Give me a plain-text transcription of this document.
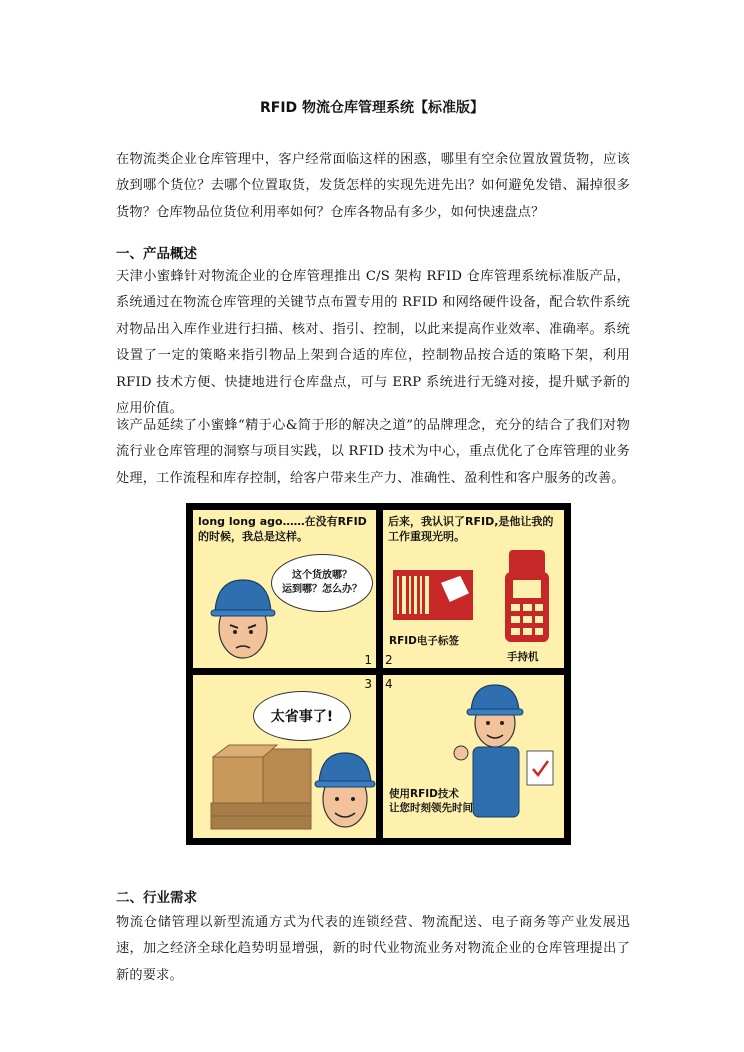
RFID 物流仓库管理系统【标准版】
在物流类企业仓库管理中，客户经常面临这样的困惑，哪里有空余位置放置货物，应该放到哪个货位？去哪个位置取货，发货怎样的实现先进先出？如何避免发错、漏掉很多货物？仓库物品位货位利用率如何？仓库各物品有多少，如何快速盘点？
一、产品概述
天津小蜜蜂针对物流企业的仓库管理推出 C/S 架构 RFID 仓库管理系统标准版产品，系统通过在物流仓库管理的关键节点布置专用的 RFID 和网络硬件设备，配合软件系统对物品出入库作业进行扫描、核对、指引、控制，以此来提高作业效率、准确率。系统设置了一定的策略来指引物品上架到合适的库位，控制物品按合适的策略下架，利用 RFID 技术方便、快捷地进行仓库盘点，可与 ERP 系统进行无缝对接，提升赋予新的应用价值。
该产品延续了小蜜蜂“精于心&简于形的解决之道”的品牌理念，充分的结合了我们对物流行业仓库管理的洞察与项目实践，以 RFID 技术为中心，重点优化了仓库管理的业务处理，工作流程和库存控制，给客户带来生产力、准确性、盈利性和客户服务的改善。
long long ago……在没有RFID
的时候，我总是这样。
这个货放哪？
运到哪？怎么办？
1
后来，我认识了RFID,是他让我的
工作重现光明。
RFID电子标签
手持机
2
太省事了!
3
使用RFID技术
让您时刻领先时间
4
二、行业需求
物流仓储管理以新型流通方式为代表的连锁经营、物流配送、电子商务等产业发展迅速，加之经济全球化趋势明显增强，新的时代业物流业务对物流企业的仓库管理提出了新的要求。
